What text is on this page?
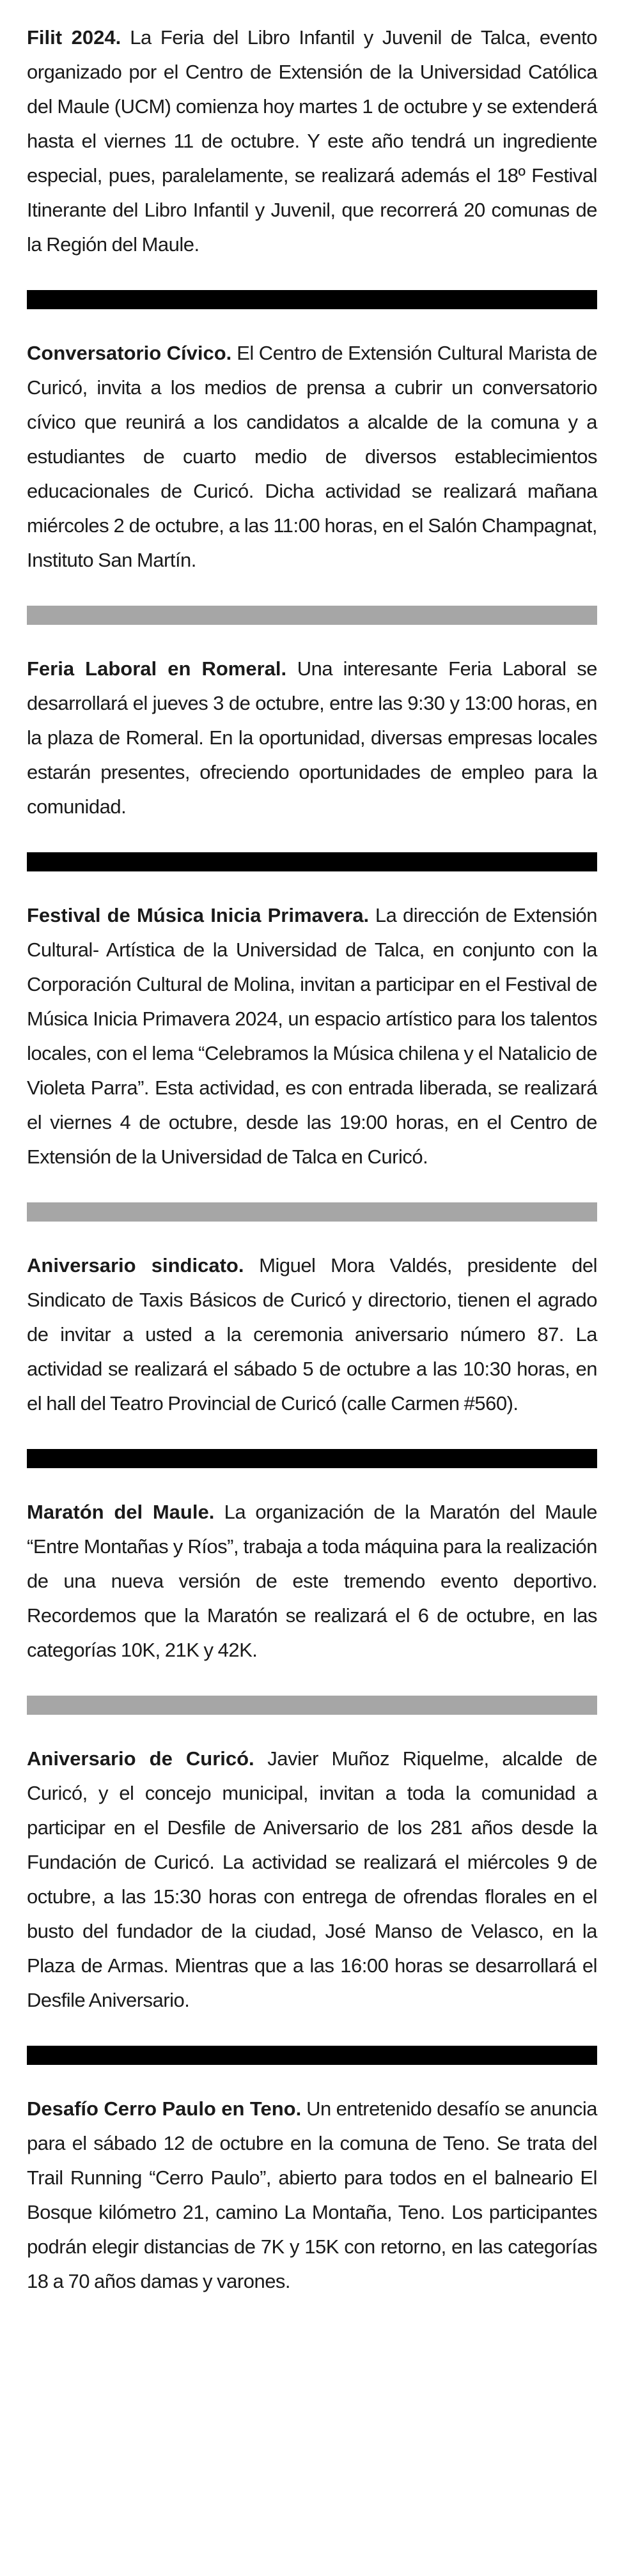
Filit 2024. La Feria del Libro Infantil y Juvenil de Talca, evento organizado por el Centro de Extensión de la Universidad Católica del Maule (UCM) comienza hoy martes 1 de octubre y se extenderá hasta el viernes 11 de octubre. Y este año tendrá un ingrediente especial, pues, paralelamente, se realizará además el 18º Festival Itinerante del Libro Infantil y Juvenil, que recorrerá 20 comunas de la Región del Maule.

Conversatorio Cívico. El Centro de Extensión Cultural Marista de Curicó, invita a los medios de prensa a cubrir un conversatorio cívico que reunirá a los candidatos a alcalde de la comuna y a estudiantes de cuarto medio de diversos establecimientos educacionales de Curicó. Dicha actividad se realizará mañana miércoles 2 de octubre, a las 11:00 horas, en el Salón Champagnat, Instituto San Martín.

Feria Laboral en Romeral. Una interesante Feria Laboral se desarrollará el jueves 3 de octubre, entre las 9:30 y 13:00 horas, en la plaza de Romeral. En la oportunidad, diversas empresas locales estarán presentes, ofreciendo oportunidades de empleo para la comunidad.

Festival de Música Inicia Primavera. La dirección de Extensión Cultural- Artística de la Universidad de Talca, en conjunto con la Corporación Cultural de Molina, invitan a participar en el Festival de Música Inicia Primavera 2024, un espacio artístico para los talentos locales, con el lema “Celebramos la Música chilena y el Natalicio de Violeta Parra”. Esta actividad, es con entrada liberada, se realizará el viernes 4 de octubre, desde las 19:00 horas, en el Centro de Extensión de la Universidad de Talca en Curicó.

Aniversario sindicato. Miguel Mora Valdés, presidente del Sindicato de Taxis Básicos de Curicó y directorio, tienen el agrado de invitar a usted a la ceremonia aniversario número 87. La actividad se realizará el sábado 5 de octubre a las 10:30 horas, en el hall del Teatro Provincial de Curicó (calle Carmen #560).

Maratón del Maule. La organización de la Maratón del Maule “Entre Montañas y Ríos”, trabaja a toda máquina para la realización de una nueva versión de este tremendo evento deportivo. Recordemos que la Maratón se realizará el 6 de octubre, en las categorías 10K, 21K y 42K.

Aniversario de Curicó. Javier Muñoz Riquelme, alcalde de Curicó, y el concejo municipal, invitan a toda la comunidad a participar en el Desfile de Aniversario de los 281 años desde la Fundación de Curicó. La actividad se realizará el miércoles 9 de octubre, a las 15:30 horas con entrega de ofrendas florales en el busto del fundador de la ciudad, José Manso de Velasco, en la Plaza de Armas. Mientras que a las 16:00 horas se desarrollará el Desfile Aniversario.

Desafío Cerro Paulo en Teno. Un entretenido desafío se anuncia para el sábado 12 de octubre en la comuna de Teno. Se trata del Trail Running “Cerro Paulo”, abierto para todos en el balneario El Bosque kilómetro 21, camino La Montaña, Teno. Los participantes podrán elegir distancias de 7K y 15K con retorno, en las categorías 18 a 70 años damas y varones.
